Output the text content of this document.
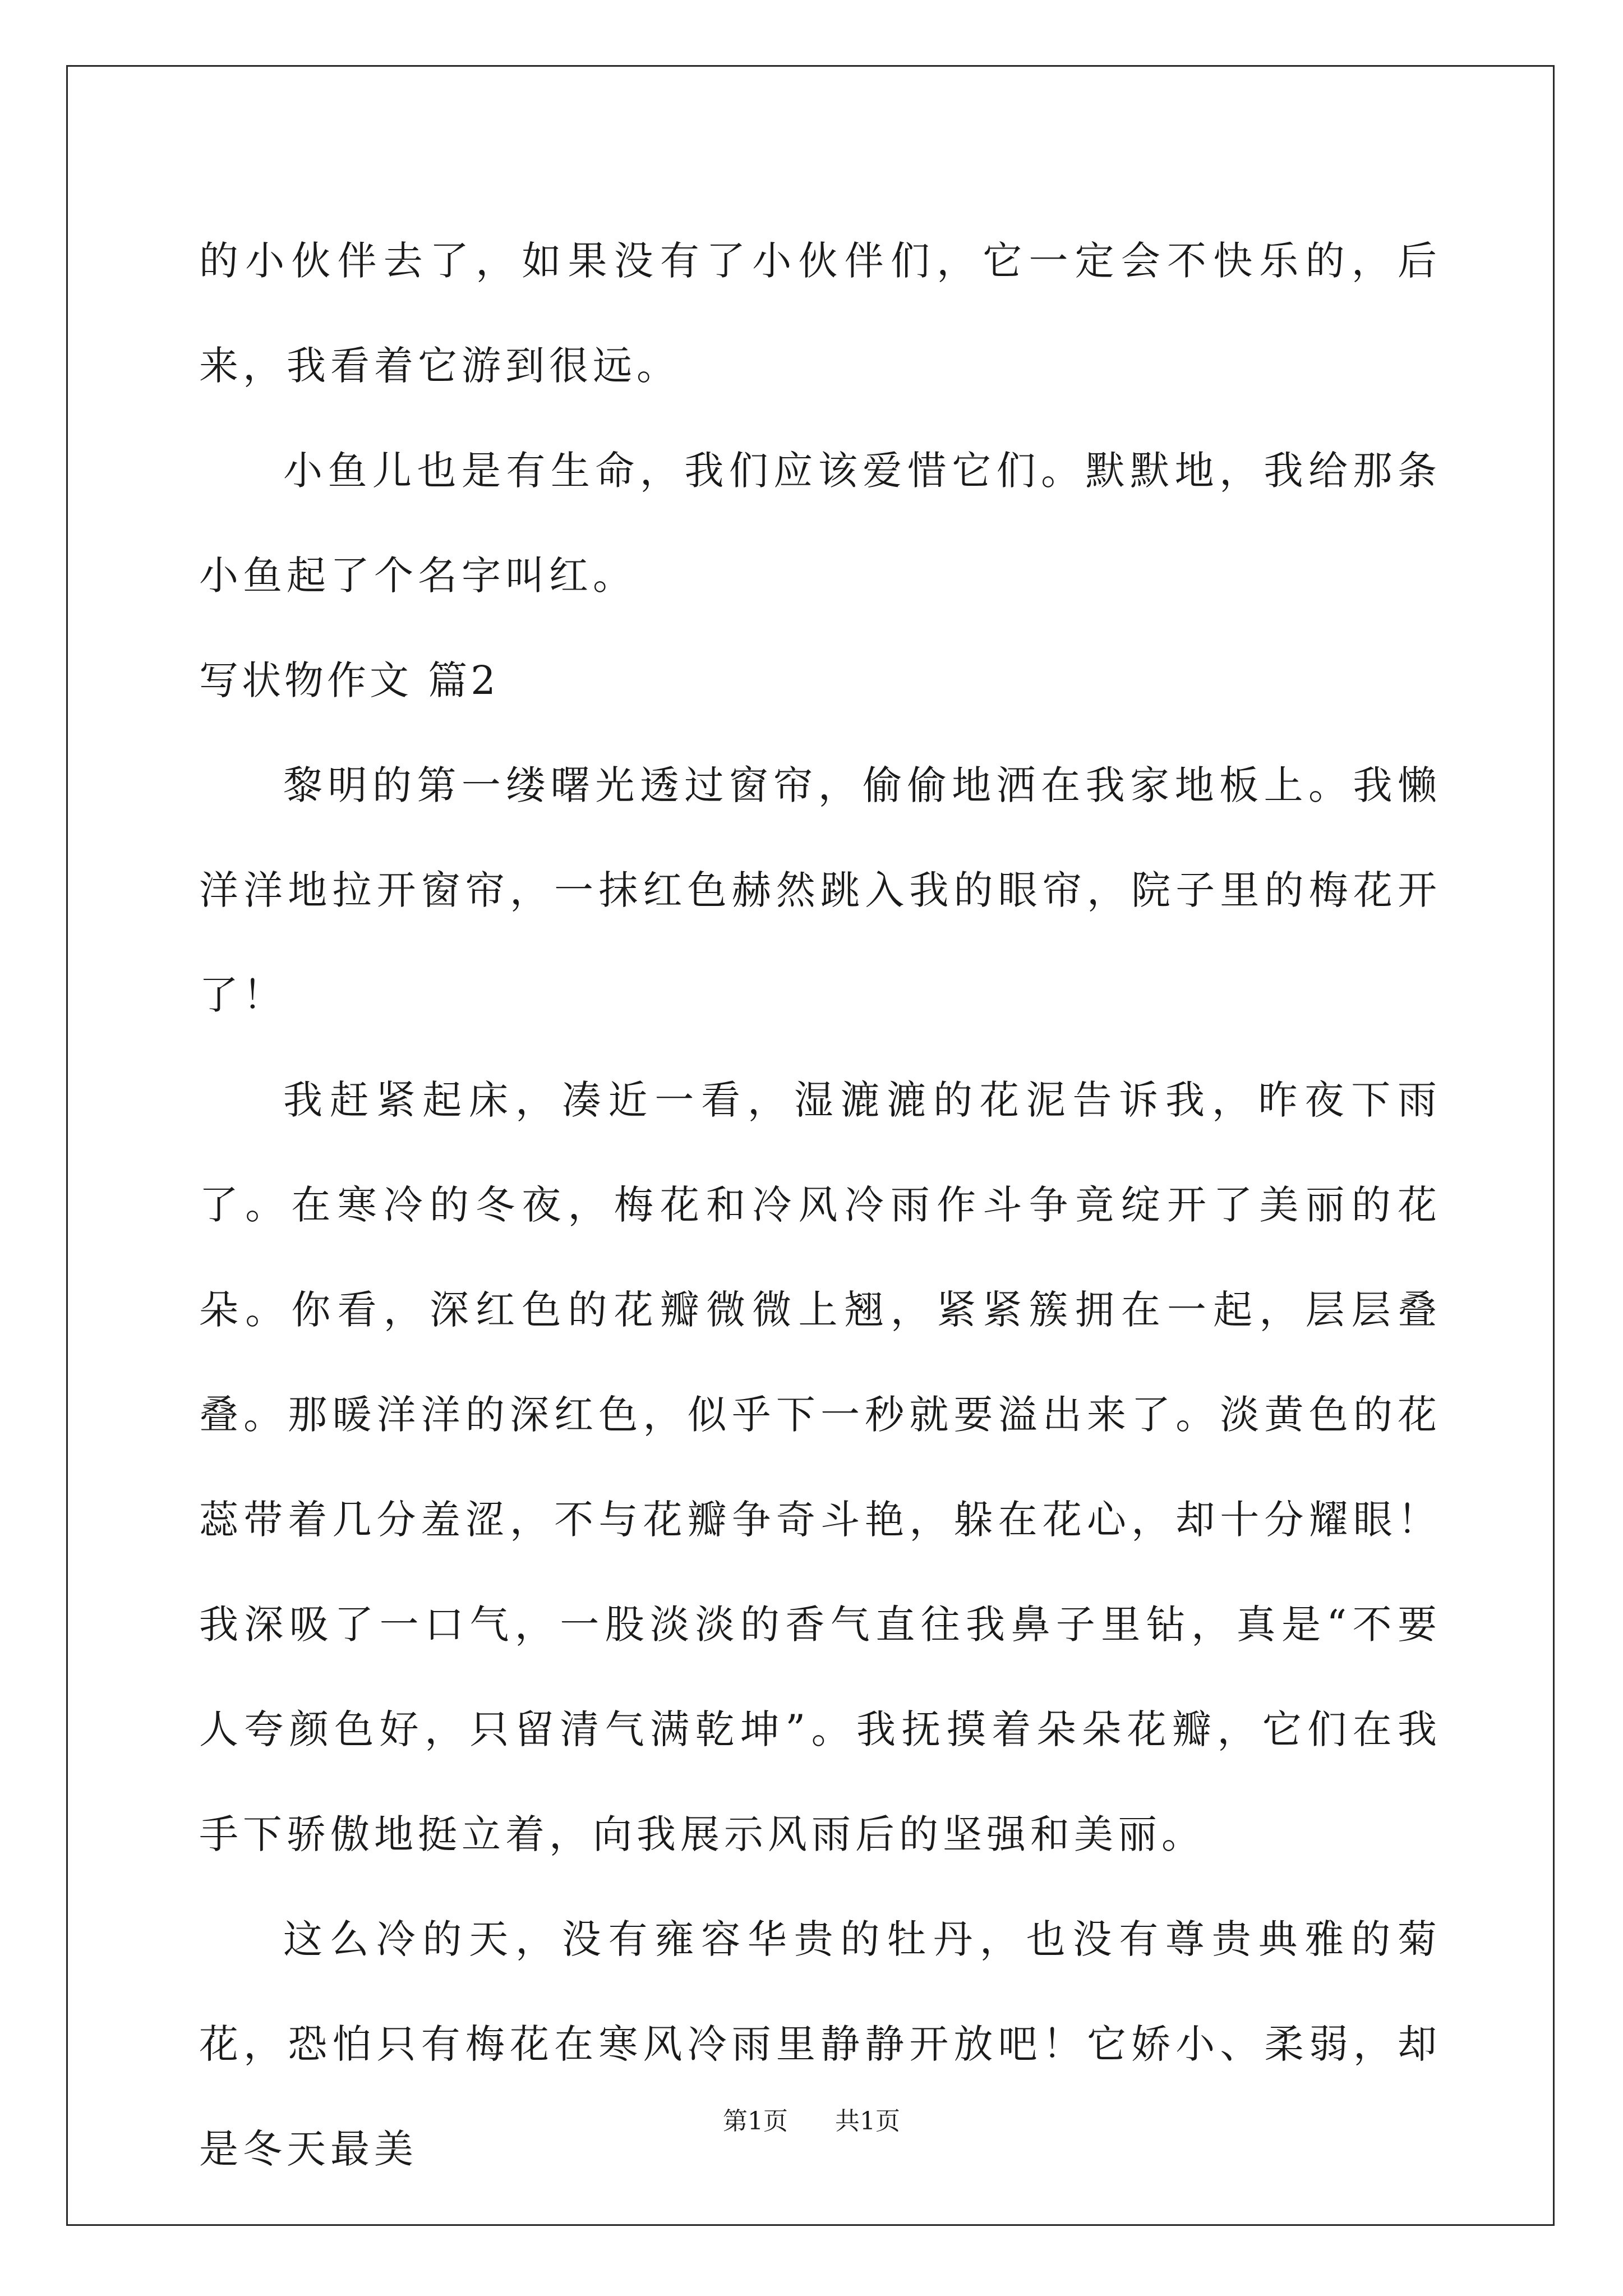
的小伙伴去了，如果没有了小伙伴们，它一定会不快乐的，后来，我看着它游到很远。

小鱼儿也是有生命，我们应该爱惜它们。默默地，我给那条小鱼起了个名字叫红。

写状物作文 篇2

黎明的第一缕曙光透过窗帘，偷偷地洒在我家地板上。我懒洋洋地拉开窗帘，一抹红色赫然跳入我的眼帘，院子里的梅花开了！

我赶紧起床，凑近一看，湿漉漉的花泥告诉我，昨夜下雨了。在寒冷的冬夜，梅花和冷风冷雨作斗争竟绽开了美丽的花朵。你看，深红色的花瓣微微上翘，紧紧簇拥在一起，层层叠叠。那暖洋洋的深红色，似乎下一秒就要溢出来了。淡黄色的花蕊带着几分羞涩，不与花瓣争奇斗艳，躲在花心，却十分耀眼！我深吸了一口气，一股淡淡的香气直往我鼻子里钻，真是“不要人夸颜色好，只留清气满乾坤”。我抚摸着朵朵花瓣，它们在我手下骄傲地挺立着，向我展示风雨后的坚强和美丽。

这么冷的天，没有雍容华贵的牡丹，也没有尊贵典雅的菊花，恐怕只有梅花在寒风冷雨里静静开放吧！它娇小、柔弱，却是冬天最美

第1页 共1页
